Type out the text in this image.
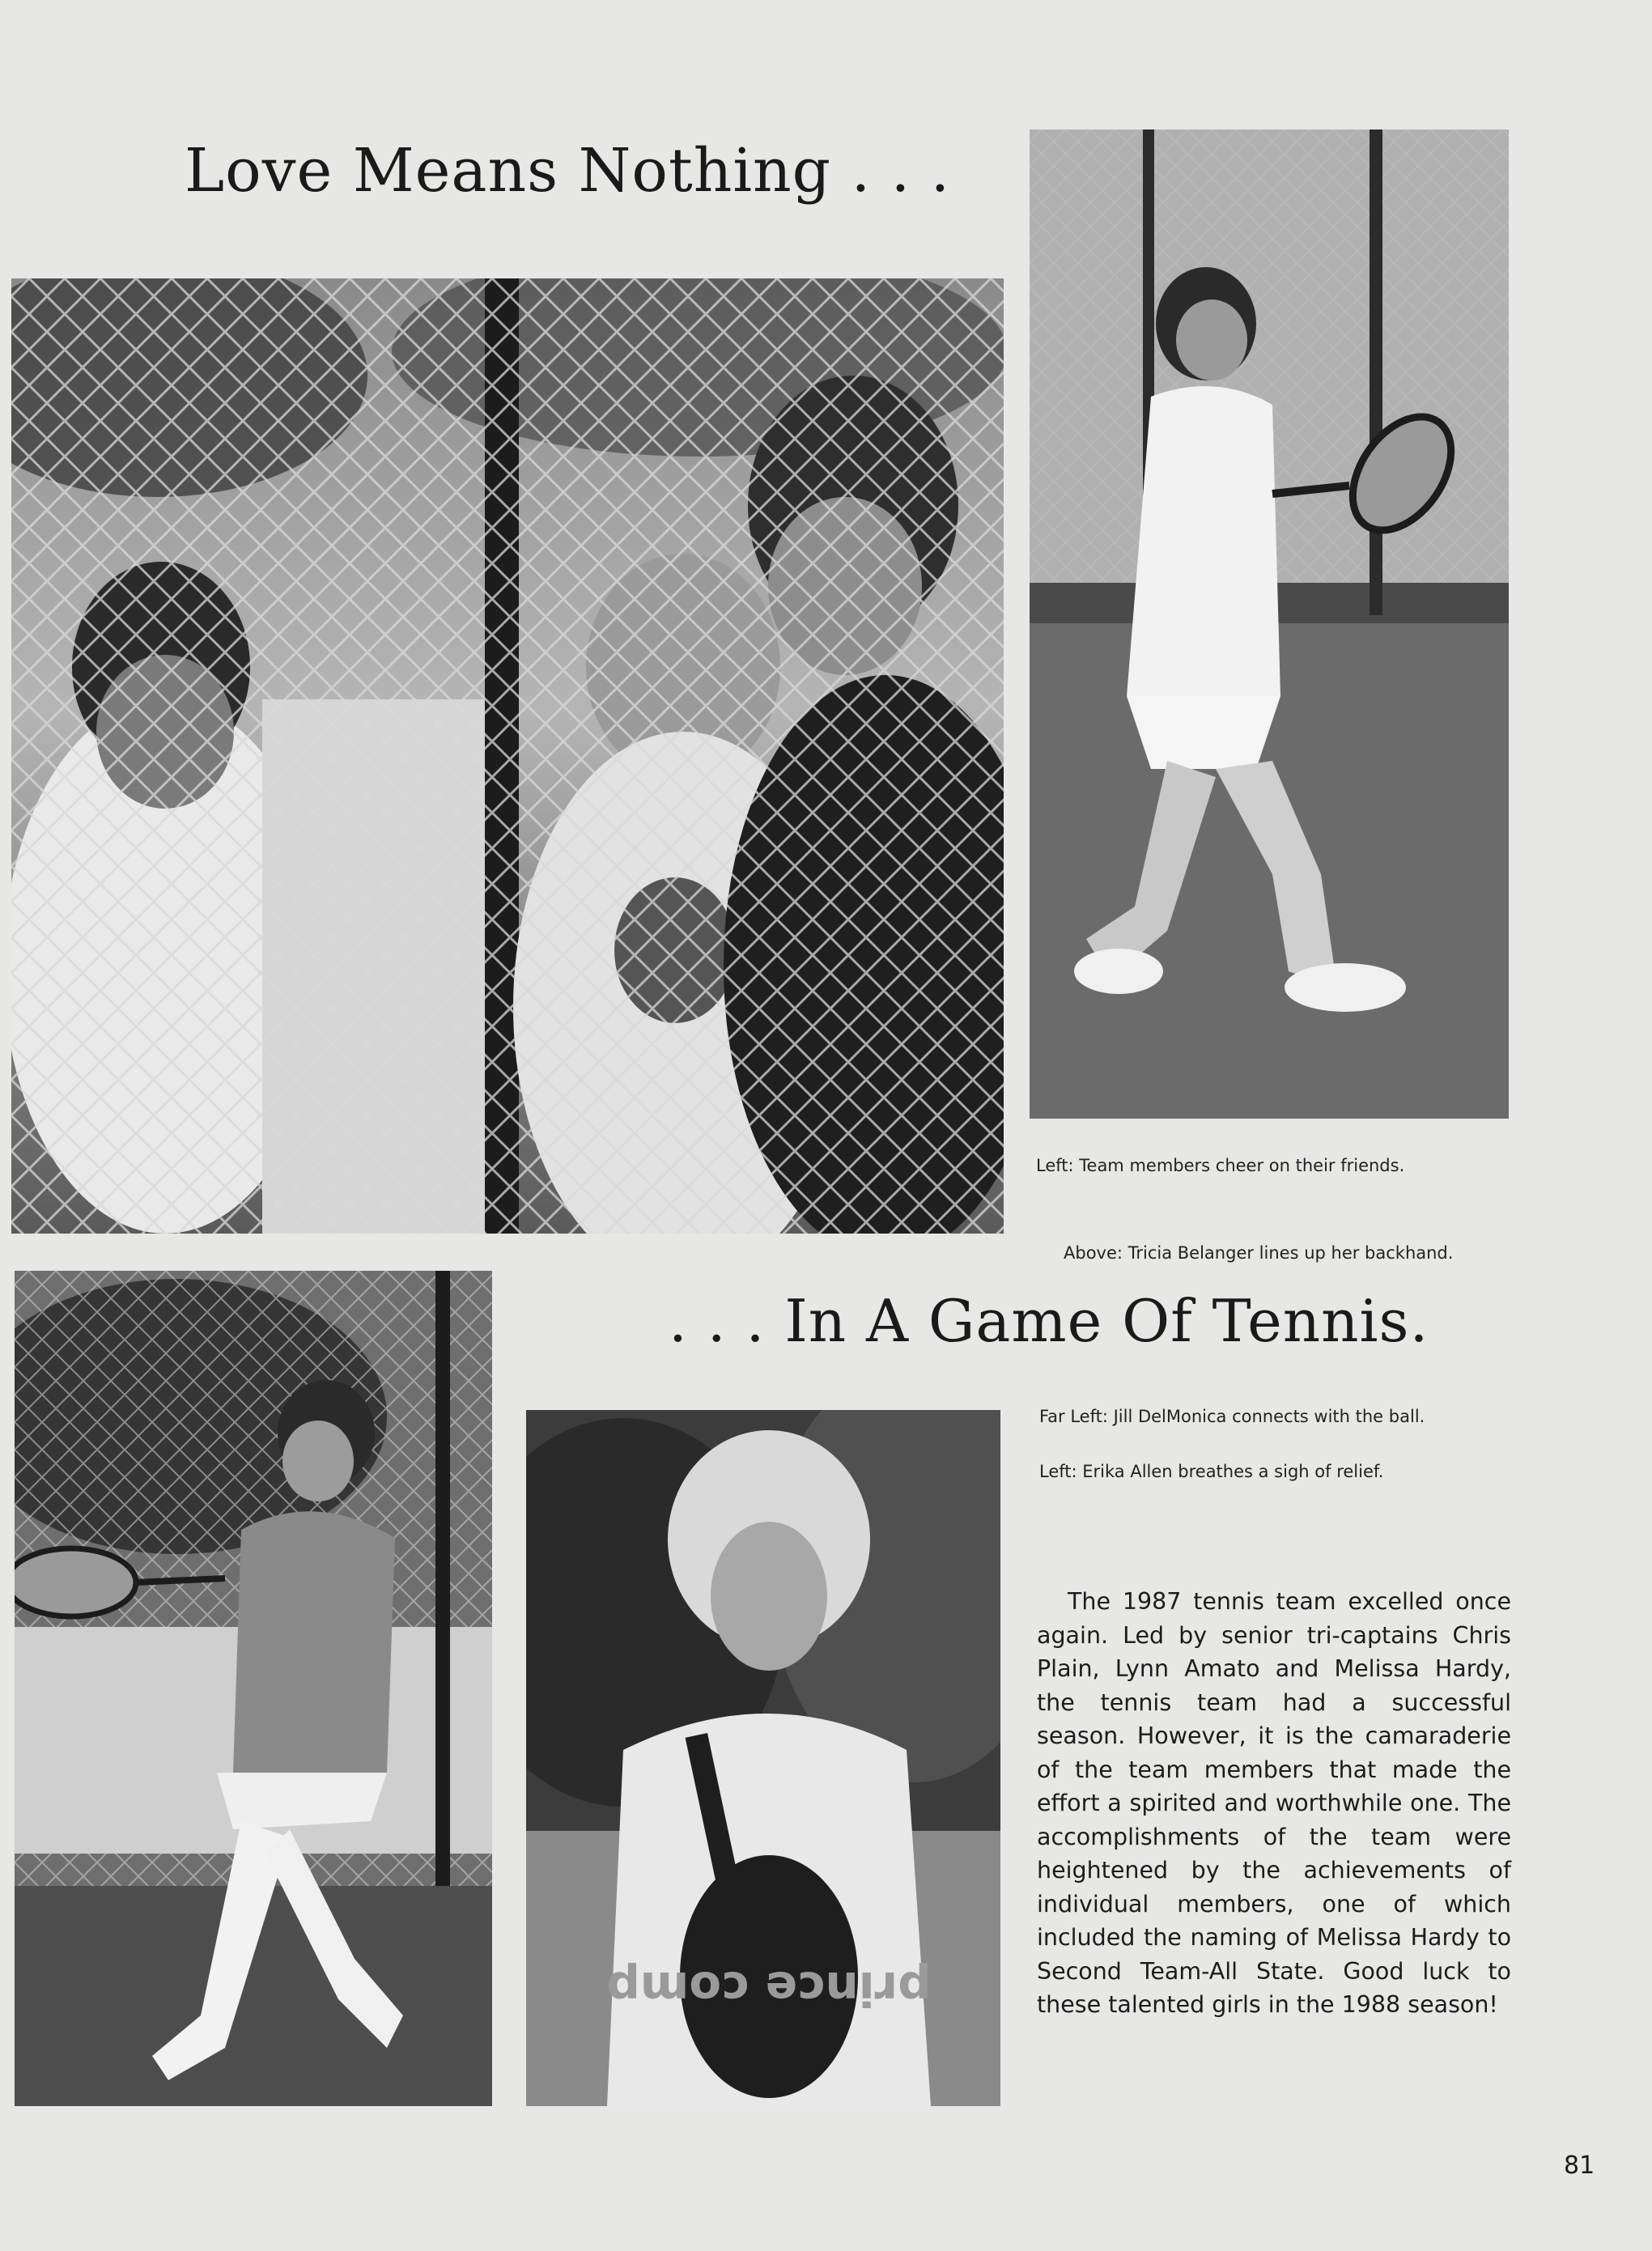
Love Means Nothing . . .
Left: Team members cheer on their friends.
Above: Tricia Belanger lines up her backhand.
. . . In A Game Of Tennis.
prince comp
Far Left: Jill DelMonica connects with the ball.
Left: Erika Allen breathes a sigh of relief.
The 1987 tennis team excelled once again. Led by senior tri-captains Chris Plain, Lynn Amato and Melissa Hardy, the tennis team had a successful season. However, it is the camaraderie of the team members that made the effort a spirited and worthwhile one. The accomplishments of the team were heightened by the achievements of individual members, one of which included the naming of Melissa Hardy to Second Team-All State. Good luck to these talented girls in the 1988 season!
81
